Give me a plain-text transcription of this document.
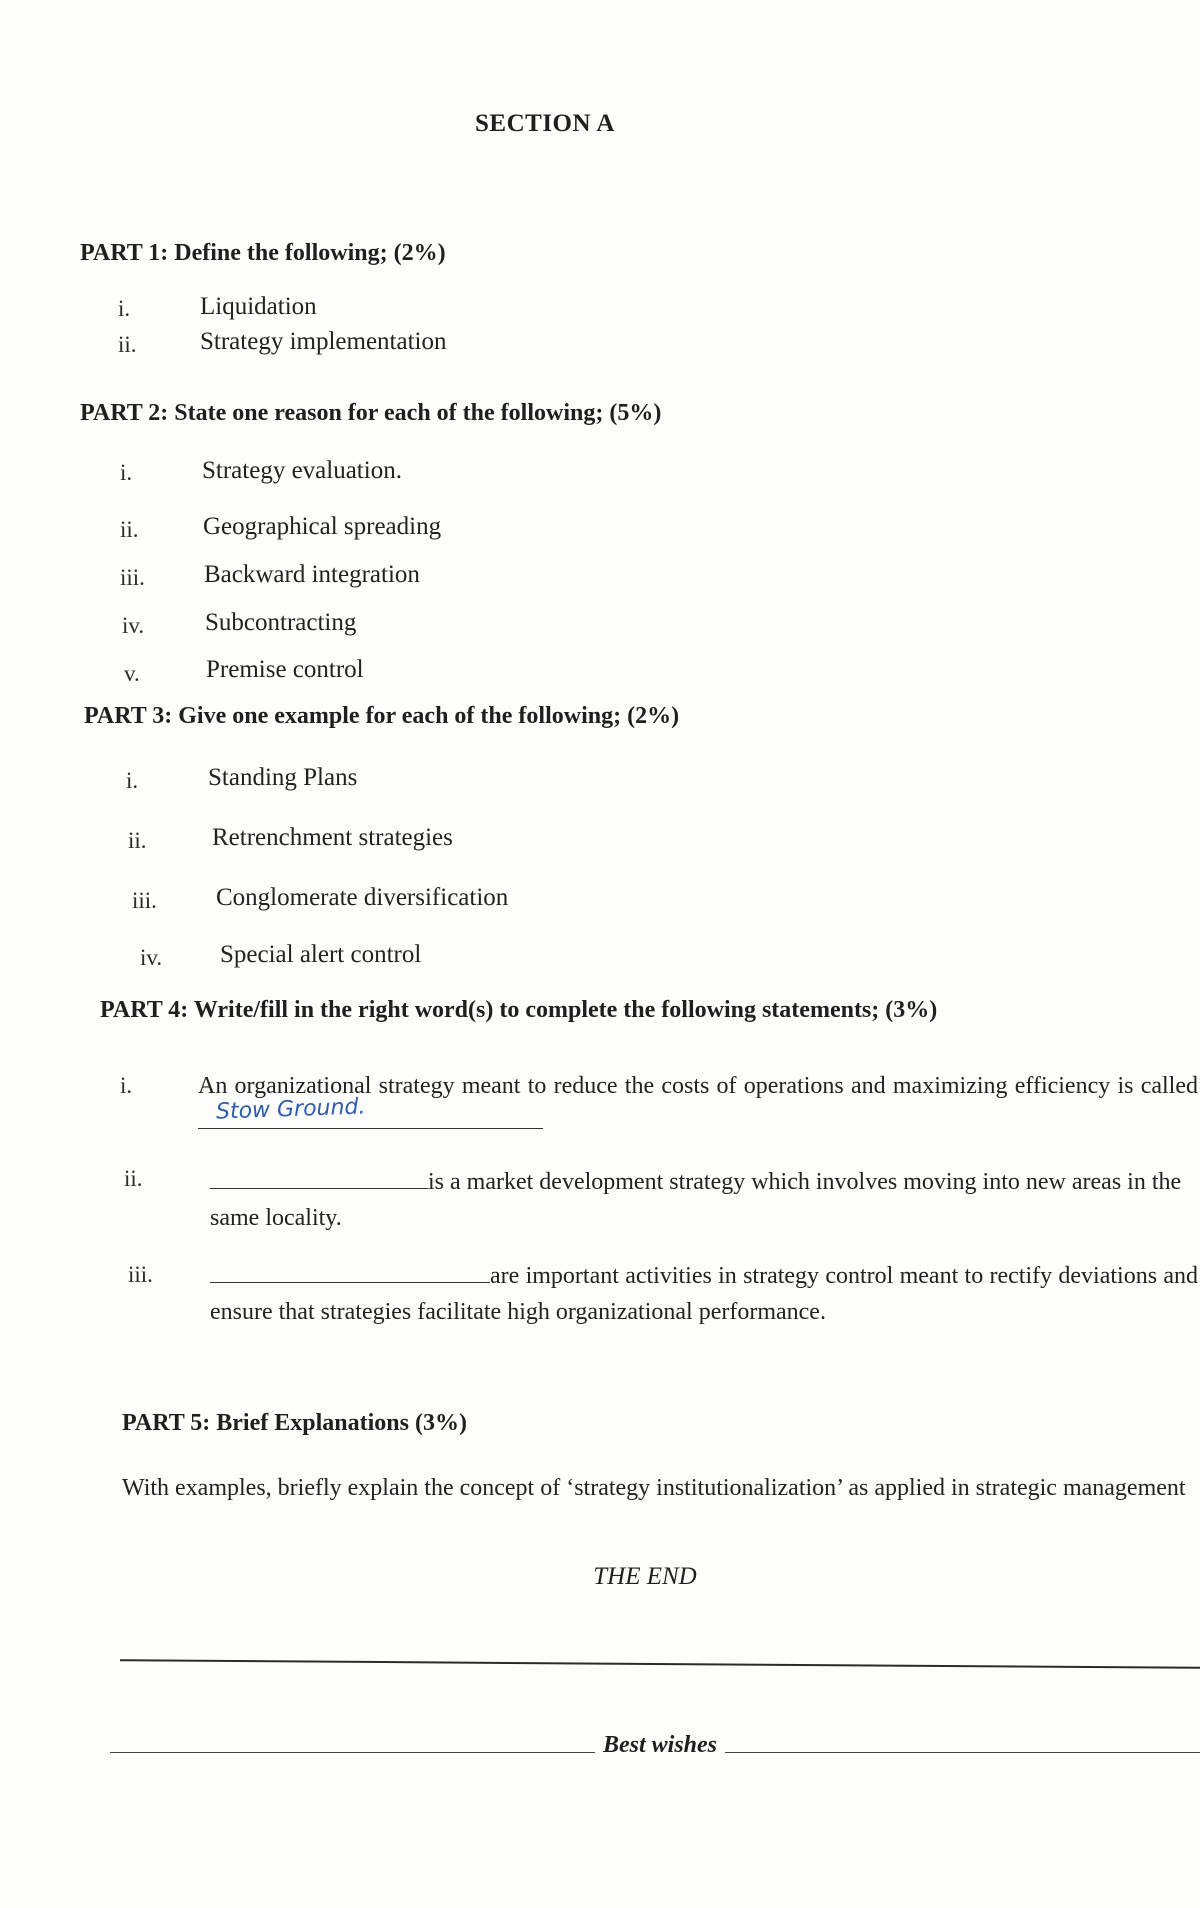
SECTION A
PART 1: Define the following; (2%)
i.	Liquidation
ii.	Strategy implementation
PART 2: State one reason for each of the following; (5%)
i.	Strategy evaluation.
ii.	Geographical spreading
iii. Backward integration
iv. Subcontracting
v.	Premise control
PART 3: Give one example for each of the following; (2%)
i.	Standing Plans
ii.	Retrenchment strategies
iii. Conglomerate diversification
iv. Special alert control
PART 4: Write/fill in the right word(s) to complete the following statements; (3%)
i.	An organizational strategy meant to reduce the costs of operations and maximizing efficiency is called
Stow Ground.
ii.	is a market development strategy which involves moving into new areas in the same locality.
iii.	are important activities in strategy control meant to rectify deviations and ensure that strategies facilitate high organizational performance.
PART 5: Brief Explanations (3%)
With examples, briefly explain the concept of ‘strategy institutionalization’ as applied in strategic management
THE END
Best wishes
